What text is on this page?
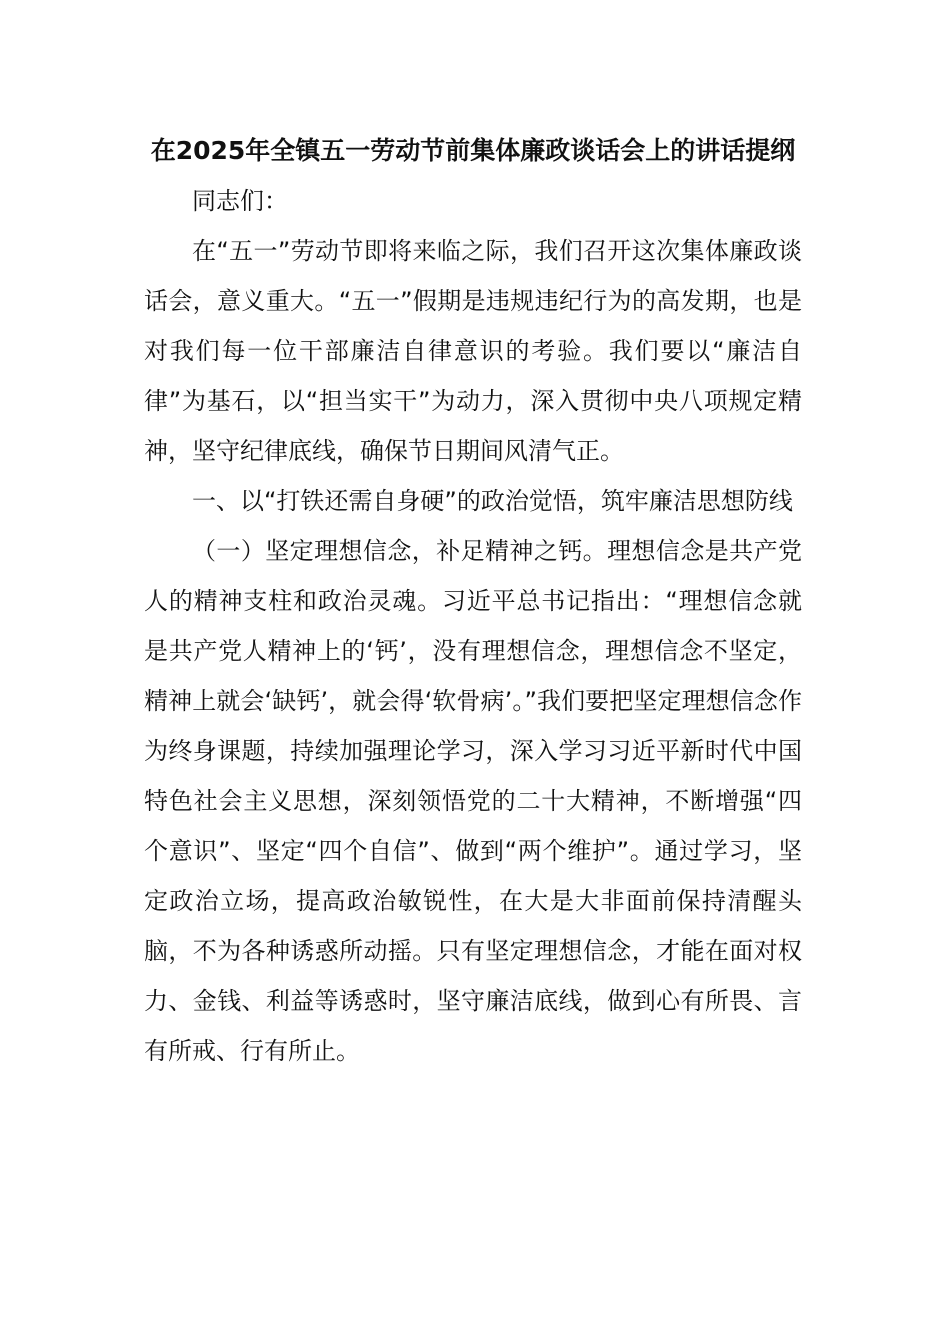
在2025年全镇五一劳动节前集体廉政谈话会上的讲话提纲

同志们：

在“五一”劳动节即将来临之际，我们召开这次集体廉政谈话会，意义重大。“五一”假期是违规违纪行为的高发期，也是对我们每一位干部廉洁自律意识的考验。我们要以“廉洁自律”为基石，以“担当实干”为动力，深入贯彻中央八项规定精神，坚守纪律底线，确保节日期间风清气正。

一、以“打铁还需自身硬”的政治觉悟，筑牢廉洁思想防线

（一）坚定理想信念，补足精神之钙。理想信念是共产党人的精神支柱和政治灵魂。习近平总书记指出：“理想信念就是共产党人精神上的‘钙’，没有理想信念，理想信念不坚定，精神上就会‘缺钙’，就会得‘软骨病’。”我们要把坚定理想信念作为终身课题，持续加强理论学习，深入学习习近平新时代中国特色社会主义思想，深刻领悟党的二十大精神，不断增强“四个意识”、坚定“四个自信”、做到“两个维护”。通过学习，坚定政治立场，提高政治敏锐性，在大是大非面前保持清醒头脑，不为各种诱惑所动摇。只有坚定理想信念，才能在面对权力、金钱、利益等诱惑时，坚守廉洁底线，做到心有所畏、言有所戒、行有所止。
